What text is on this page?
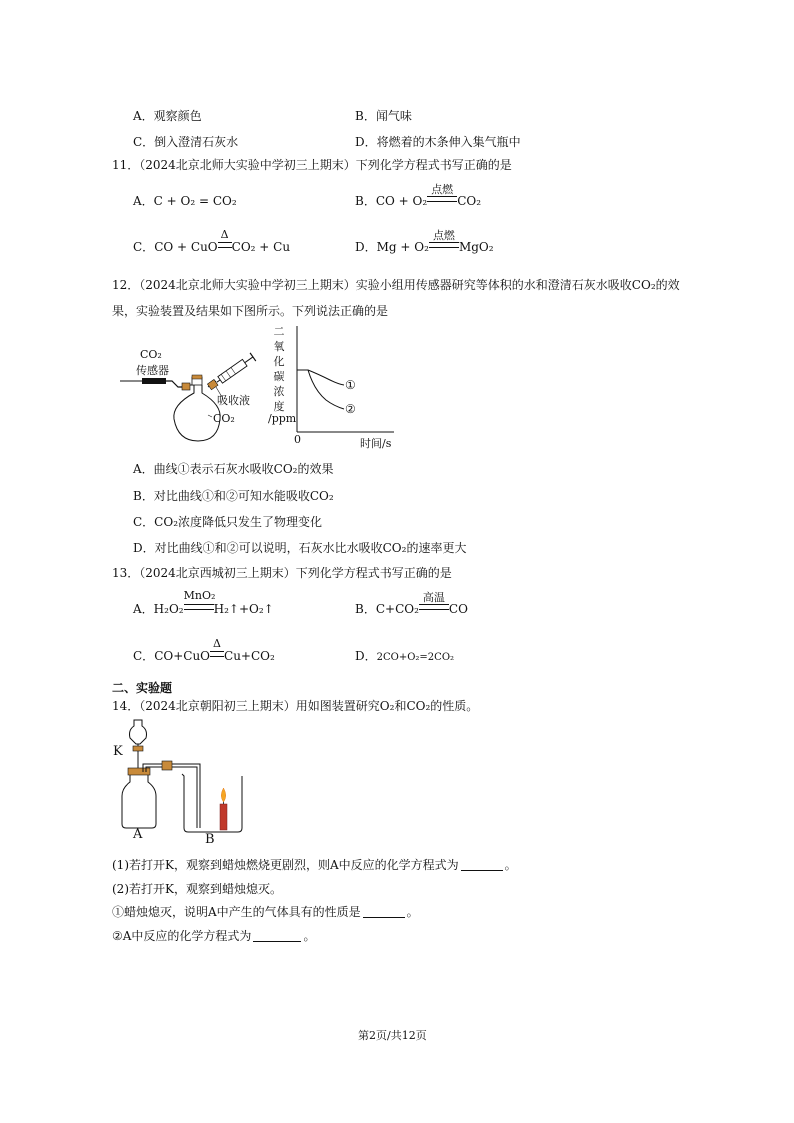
A．观察颜色	B．闻气味
C．倒入澄清石灰水	D．将燃着的木条伸入集气瓶中
11．（2024北京北师大实验中学初三上期末）下列化学方程式书写正确的是
A．C + O₂ = CO₂	B．CO + O₂
点燃
CO₂
C．CO + CuO
Δ
CO₂ + Cu	D．Mg + O₂
点燃
MgO₂
12．（2024北京北师大实验中学初三上期末）实验小组用传感器研究等体积的水和澄清石灰水吸收CO₂的效
果，实验装置及结果如下图所示。下列说法正确的是
CO₂
传感器
吸收液
CO₂
二
氧
化
碳
浓
度
/ppm
①
②
0	时间/s
A．曲线①表示石灰水吸收CO₂的效果
B．对比曲线①和②可知水能吸收CO₂
C．CO₂浓度降低只发生了物理变化
D．对比曲线①和②可以说明，石灰水比水吸收CO₂的速率更大
13．（2024北京西城初三上期末）下列化学方程式书写正确的是
A．H₂O₂
MnO₂
H₂↑+O₂↑	B．C+CO₂
高温
CO
C．CO+CuO
Δ
Cu+CO₂	D．2CO+O₂=2CO₂
二、实验题
14．（2024北京朝阳初三上期末）用如图装置研究O₂和CO₂的性质。
K
A	B
(1)若打开K，观察到蜡烛燃烧更剧烈，则A中反应的化学方程式为	。
(2)若打开K，观察到蜡烛熄灭。
①蜡烛熄灭，说明A中产生的气体具有的性质是	。
②A中反应的化学方程式为	。
第2页/共12页
